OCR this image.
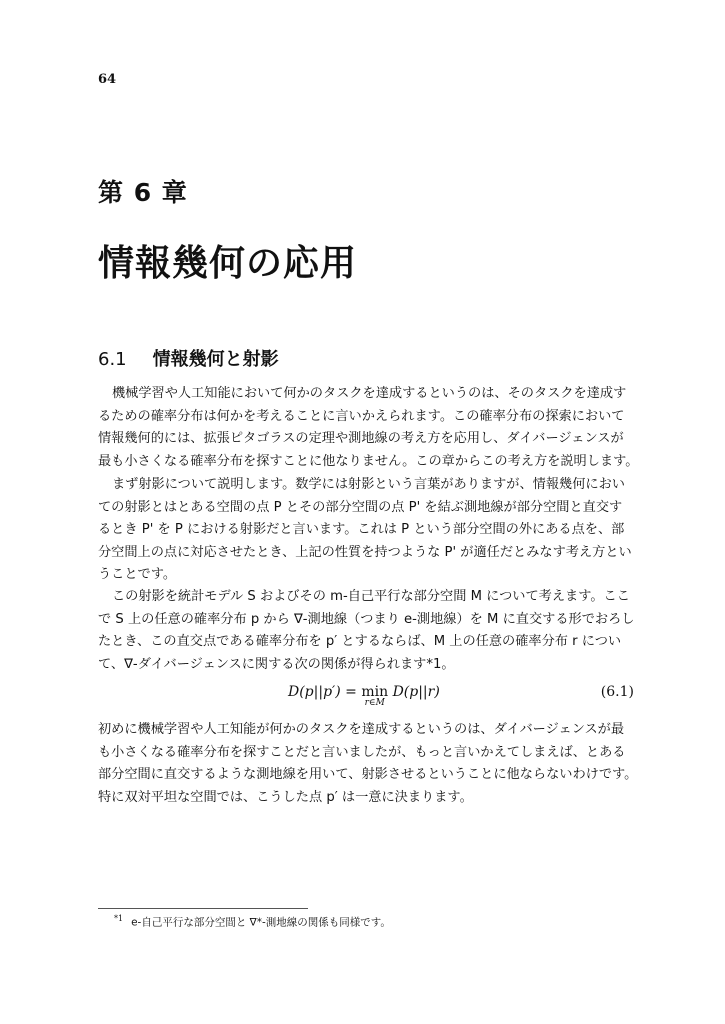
64
第 6 章
情報幾何の応用
6.1 情報幾何と射影
機械学習や人工知能において何かのタスクを達成するというのは、そのタスクを達成す
るための確率分布は何かを考えることに言いかえられます。この確率分布の探索において
情報幾何的には、拡張ピタゴラスの定理や測地線の考え方を応用し、ダイバージェンスが
最も小さくなる確率分布を探すことに他なりません。この章からこの考え方を説明します。
まず射影について説明します。数学には射影という言葉がありますが、情報幾何におい
ての射影とはとある空間の点 P とその部分空間の点 P' を結ぶ測地線が部分空間と直交す
るとき P' を P における射影だと言います。これは P という部分空間の外にある点を、部
分空間上の点に対応させたとき、上記の性質を持つような P' が適任だとみなす考え方とい
うことです。
この射影を統計モデル S およびその m-自己平行な部分空間 M について考えます。ここ
で S 上の任意の確率分布 p から ∇-測地線（つまり e-測地線）を M に直交する形でおろし
たとき、この直交点である確率分布を p′ とするならば、M 上の任意の確率分布 r につい
て、∇-ダイバージェンスに関する次の関係が得られます*1。
D(p||p′) = min
r∈M
D(p||r)	(6.1)
初めに機械学習や人工知能が何かのタスクを達成するというのは、ダイバージェンスが最
も小さくなる確率分布を探すことだと言いましたが、もっと言いかえてしまえば、とある
部分空間に直交するような測地線を用いて、射影させるということに他ならないわけです。
特に双対平坦な空間では、こうした点 p′ は一意に決まります。
$^{*1}$ e-自己平行な部分空間と ∇*-測地線の関係も同様です。
